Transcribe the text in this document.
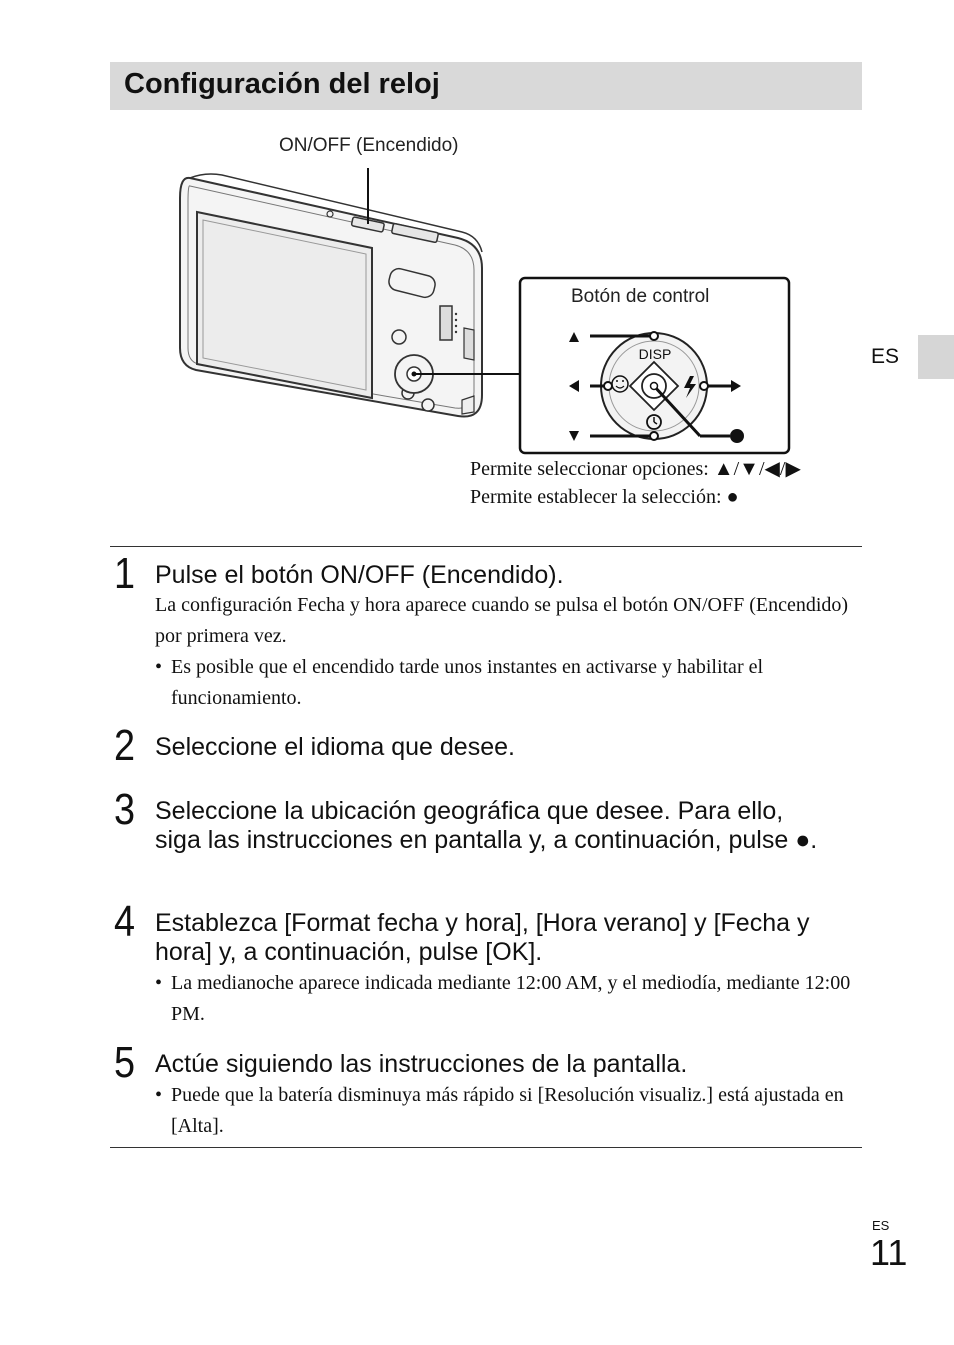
Configuración del reloj
ES
DISP
ON/OFF (Encendido)
Botón de control
Permite seleccionar opciones: ▲/▼/◀/▶
Permite establecer la selección: ●
1 Pulse el botón ON/OFF (Encendido).
La configuración Fecha y hora aparece cuando se pulsa el botón ON/OFF (Encendido) por primera vez.
• Es posible que el encendido tarde unos instantes en activarse y habilitar el funcionamiento.
2 Seleccione el idioma que desee.
3 Seleccione la ubicación geográfica que desee. Para ello, siga las instrucciones en pantalla y, a continuación, pulse ●.
4 Establezca [Format fecha y hora], [Hora verano] y [Fecha y hora] y, a continuación, pulse [OK].
• La medianoche aparece indicada mediante 12:00 AM, y el mediodía, mediante 12:00 PM.
5 Actúe siguiendo las instrucciones de la pantalla.
• Puede que la batería disminuya más rápido si [Resolución visualiz.] está ajustada en [Alta].
ES
11
